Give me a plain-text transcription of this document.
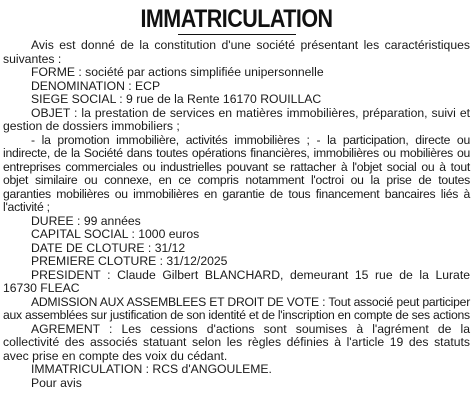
IMMATRICULATION

Avis est donné de la constitution d'une société présentant les caractéristiques suivantes :

FORME : société par actions simplifiée unipersonnelle

DENOMINATION : ECP

SIEGE SOCIAL : 9 rue de la Rente 16170 ROUILLAC

OBJET : la prestation de services en matières immobilières, préparation, suivi et gestion de dossiers immobiliers ;

- la promotion immobilière, activités immobilières ; - la participation, directe ou indirecte, de la Société dans toutes opérations financières, immobilières ou mobilières ou entreprises commerciales ou industrielles pouvant se rattacher à l'objet social ou à tout objet similaire ou connexe, en ce compris notamment l'octroi ou la prise de toutes garanties mobilières ou immobilières en garantie de tous financement bancaires liés à l'activité ;

DUREE : 99 années

CAPITAL SOCIAL : 1000 euros

DATE DE CLOTURE : 31/12

PREMIERE CLOTURE : 31/12/2025

PRESIDENT : Claude Gilbert BLANCHARD, demeurant 15 rue de la Lurate 16730 FLEAC

ADMISSION AUX ASSEMBLEES ET DROIT DE VOTE : Tout associé peut participer aux assemblées sur justification de son identité et de l'inscription en compte de ses actions

AGREMENT : Les cessions d'actions sont soumises à l'agrément de la collectivité des associés statuant selon les règles définies à l'article 19 des statuts avec prise en compte des voix du cédant.

IMMATRICULATION : RCS d'ANGOULEME.

Pour avis
